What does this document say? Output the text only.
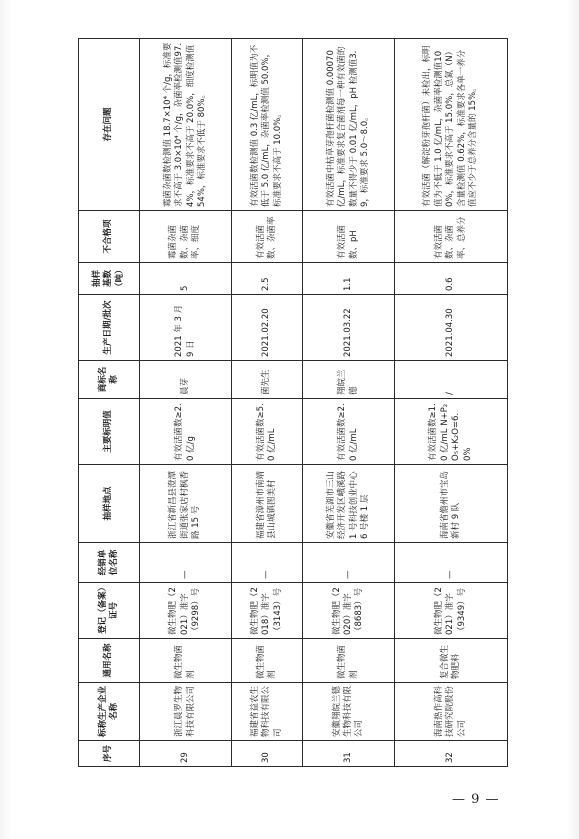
序号	标称生产企业名称	通用名称	登记（备案）证号	经销单位名称	抽样地点	主要标明值	商标名称	生产日期/批次	抽样基数（吨）	不合格项	存在问题
29	浙江晨罗生物科技有限公司	微生物菌剂	微生物肥（2021）准字（9298）号	—	浙江省新昌县澄潭街道张家店村枫香路 15 号	有效活菌数≥2.0 亿/g	晨芽	2021 年 3 月 9 日	5	霉菌杂菌数、杂菌率、细度	霉菌杂菌数检测值 18.7×10⁴ 个/g，标准要求不高于 3.0×10⁴ 个/g，杂菌率检测值97.4%，标准要求不高于 20.0%，细度检测值 54%，标准要求不低于 80%。
30	福建省益农生物科技有限公司	微生物菌剂	微生物肥（2018）准字（3143）号	—	福建省漳州市南靖县山城镇图美村	有效活菌数≥5.0 亿/mL	菌先生	2021.02.20	2.5	有效活菌数、杂菌率	有效活菌数检测值 0.3 亿/mL，标明值为不低于 5.0 亿/mL，杂菌率检测值 50.0%，标准要求不高于 10.0%。
31	安徽翔皖兰德生物科技有限公司	微生物菌剂	微生物肥（2020）准字（8683）号	—	安徽省芜湖市三山经济开发区峨溪路 1 号科技创业中心 6 号楼 1 层	有效活菌数≥2.0 亿/mL	翔皖兰德	2021.03.22	1.1	有效活菌数、pH	有效活菌中枯草芽孢杆菌检测值 0.00070 亿/mL，标准要求复合菌剂每一种有效菌的数量不得少于 0.01 亿/mL，pH 检测值3.9，标准要求 5.0～8.0。
32	海南热作高科技研究院股份公司	复合微生物肥料	微生物肥（2021）准字（9349）号	—	海南省儋州市宝岛新村 9 队	有效活菌数≥1.0 亿/mL N+P₂O₅+K₂O=6.0%	/	2021.04.30	0.6	有效活菌数、杂菌率、总养分	有效活菌（解淀粉芽孢杆菌）未检出，标明值为不低于 1.0 亿/mL，杂菌率检测值100%，标准要求不高于 15.0%，总氮（N）含量检测值 0.62%，标准要求各单一养分值应不少于总养分含量的 15%。
— 9 —
